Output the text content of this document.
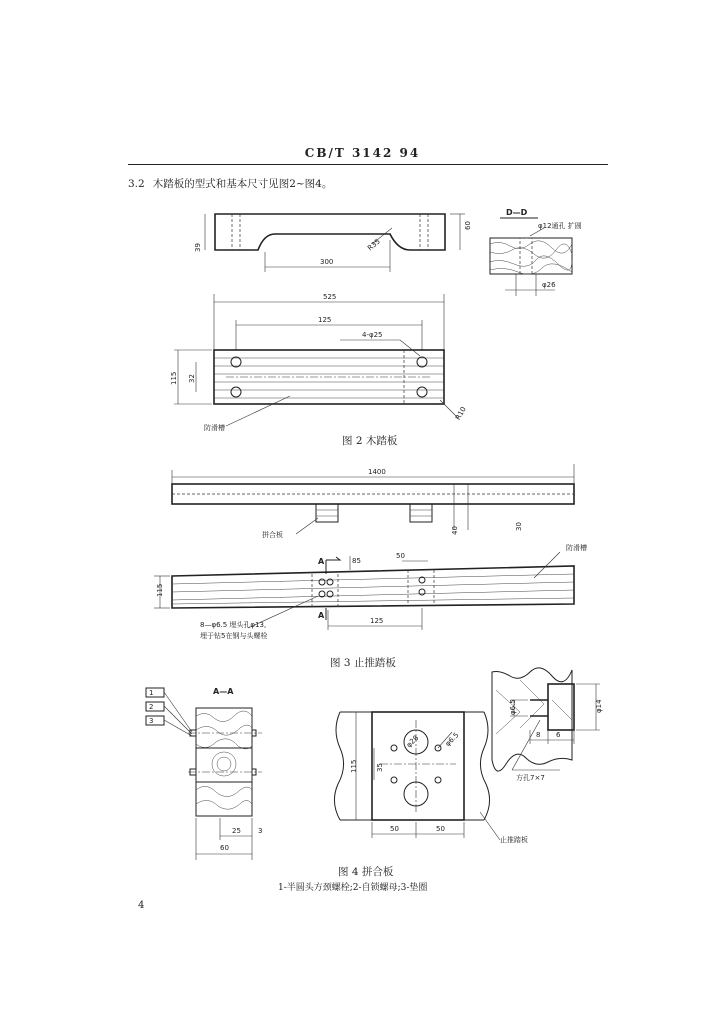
CB/T 3142 94
3.2 木踏板的型式和基本尺寸见图2~图4。
39
60
300
R35
D—D
φ12通孔 扩圆
φ26
525
125
4-φ25
115 32
R10
防滑槽
1400
30
40
拼合板
A	85
50
115
125
A
防滑槽
8—φ6.5 埋头孔φ13,
埋于钻5在钢与头螺栓
A—A
1
2
3
25 3
60
115	35
φ28	φ6.5
50	50
止推踏板
φ14
φ6.5
8 6
方孔7×7
图 2 木踏板
图 3 止推踏板
图 4 拼合板
1-半圆头方颈螺栓;2-自锁螺母;3-垫圈
4
